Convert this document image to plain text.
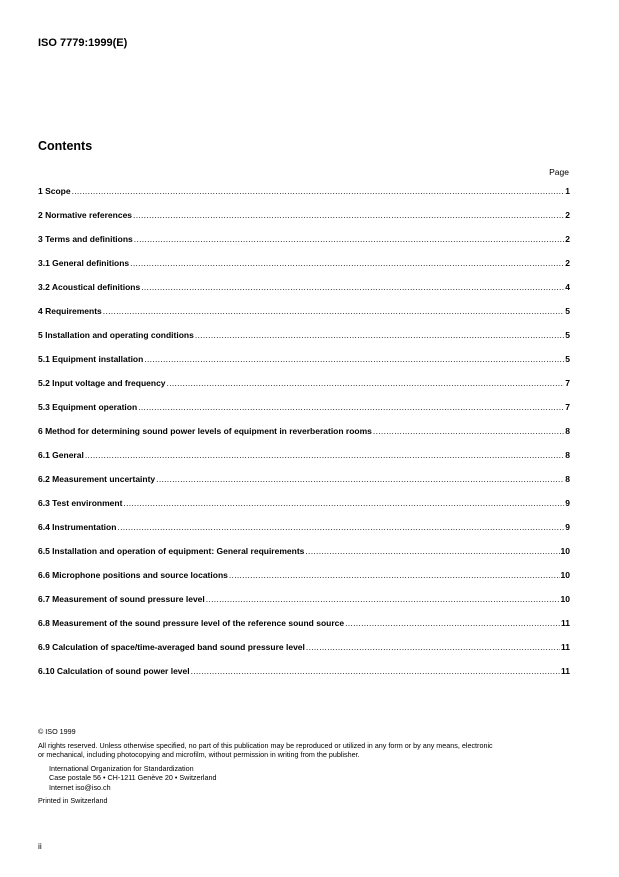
ISO 7779:1999(E)
Contents
Page
1 Scope .....	1
2 Normative references .....	2
3 Terms and definitions .....	2
3.1 General definitions .....	2
3.2 Acoustical definitions .....	4
4 Requirements .....	5
5 Installation and operating conditions .....	5
5.1 Equipment installation .....	5
5.2 Input voltage and frequency .....	7
5.3 Equipment operation .....	7
6 Method for determining sound power levels of equipment in reverberation rooms .....	8
6.1 General .....	8
6.2 Measurement uncertainty .....	8
6.3 Test environment .....	9
6.4 Instrumentation .....	9
6.5 Installation and operation of equipment: General requirements .....	10
6.6 Microphone positions and source locations .....	10
6.7 Measurement of sound pressure level .....	10
6.8 Measurement of the sound pressure level of the reference sound source .....	11
6.9 Calculation of space/time-averaged band sound pressure level .....	11
6.10 Calculation of sound power level .....	11

© ISO 1999

All rights reserved. Unless otherwise specified, no part of this publication may be reproduced or utilized in any form or by any means, electronic

or mechanical, including photocopying and microfilm, without permission in writing from the publisher.

International Organization for Standardization

Case postale 56 • CH-1211 Genève 20 • Switzerland

Internet iso@iso.ch

Printed in Switzerland

ii
